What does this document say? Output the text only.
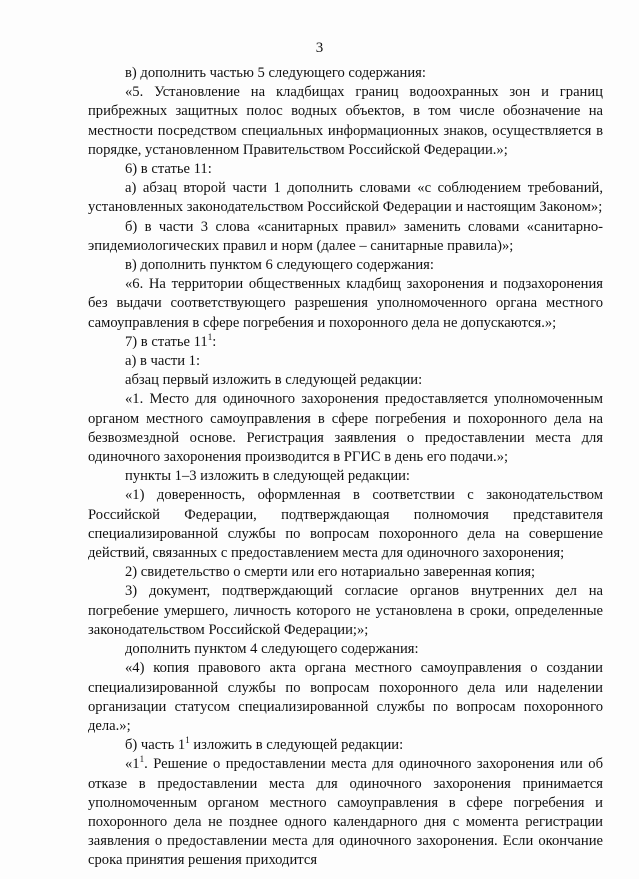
3

в) дополнить частью 5 следующего содержания:

«5. Установление на кладбищах границ водоохранных зон и границ прибрежных защитных полос водных объектов, в том числе обозначение на местности посредством специальных информационных знаков, осуществляется в порядке, установленном Правительством Российской Федерации.»;

6) в статье 11:

а) абзац второй части 1 дополнить словами «с соблюдением требований, установленных законодательством Российской Федерации и настоящим Законом»;

б) в части 3 слова «санитарных правил» заменить словами «санитарно-эпидемиологических правил и норм (далее – санитарные правила)»;

в) дополнить пунктом 6 следующего содержания:

«6. На территории общественных кладбищ захоронения и подзахоронения без выдачи соответствующего разрешения уполномоченного органа местного самоуправления в сфере погребения и похоронного дела не допускаются.»;

7) в статье $11^1$:

а) в части 1:

абзац первый изложить в следующей редакции:

«1. Место для одиночного захоронения предоставляется уполномоченным органом местного самоуправления в сфере погребения и похоронного дела на безвозмездной основе. Регистрация заявления о предоставлении места для одиночного захоронения производится в РГИС в день его подачи.»;

пункты 1–3 изложить в следующей редакции:

«1) доверенность, оформленная в соответствии с законодательством Российской Федерации, подтверждающая полномочия представителя специализированной службы по вопросам похоронного дела на совершение действий, связанных с предоставлением места для одиночного захоронения;

2) свидетельство о смерти или его нотариально заверенная копия;

3) документ, подтверждающий согласие органов внутренних дел на погребение умершего, личность которого не установлена в сроки, определенные законодательством Российской Федерации;»;

дополнить пунктом 4 следующего содержания:

«4) копия правового акта органа местного самоуправления о создании специализированной службы по вопросам похоронного дела или наделении организации статусом специализированной службы по вопросам похоронного дела.»;

б) часть $1^1$ изложить в следующей редакции:

«$1^1$. Решение о предоставлении места для одиночного захоронения или об отказе в предоставлении места для одиночного захоронения принимается уполномоченным органом местного самоуправления в сфере погребения и похоронного дела не позднее одного календарного дня с момента регистрации заявления о предоставлении места для одиночного захоронения. Если окончание срока принятия решения приходится
